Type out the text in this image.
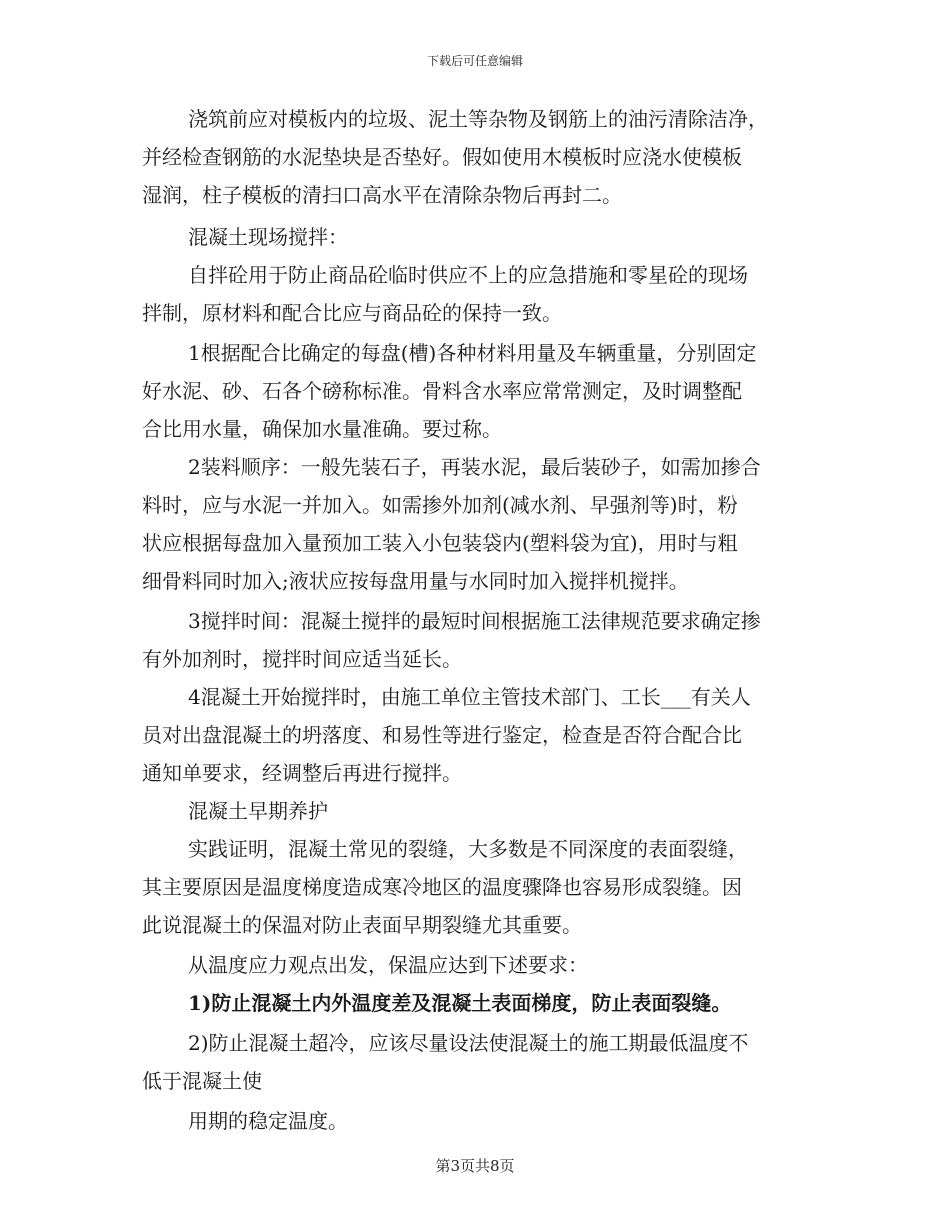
下载后可任意编辑
浇筑前应对模板内的垃圾、泥土等杂物及钢筋上的油污清除洁净，
并经检查钢筋的水泥垫块是否垫好。假如使用木模板时应浇水使模板
湿润，柱子模板的清扫口高水平在清除杂物后再封二。
混凝土现场搅拌：
自拌砼用于防止商品砼临时供应不上的应急措施和零星砼的现场
拌制，原材料和配合比应与商品砼的保持一致。
1根据配合比确定的每盘(槽)各种材料用量及车辆重量，分别固定
好水泥、砂、石各个磅称标准。骨料含水率应常常测定，及时调整配
合比用水量，确保加水量准确。要过称。
2装料顺序：一般先装石子，再装水泥，最后装砂子，如需加掺合
料时，应与水泥一并加入。如需掺外加剂(减水剂、早强剂等)时，粉
状应根据每盘加入量预加工装入小包装袋内(塑料袋为宜)，用时与粗
细骨料同时加入;液状应按每盘用量与水同时加入搅拌机搅拌。
3搅拌时间：混凝土搅拌的最短时间根据施工法律规范要求确定掺
有外加剂时，搅拌时间应适当延长。
4混凝土开始搅拌时，由施工单位主管技术部门、工长___有关人
员对出盘混凝土的坍落度、和易性等进行鉴定，检查是否符合配合比
通知单要求，经调整后再进行搅拌。
混凝土早期养护
实践证明，混凝土常见的裂缝，大多数是不同深度的表面裂缝，
其主要原因是温度梯度造成寒冷地区的温度骤降也容易形成裂缝。因
此说混凝土的保温对防止表面早期裂缝尤其重要。
从温度应力观点出发，保温应达到下述要求：
1)防止混凝土内外温度差及混凝土表面梯度，防止表面裂缝。
2)防止混凝土超冷，应该尽量设法使混凝土的施工期最低温度不
低于混凝土使
用期的稳定温度。
第3页共8页
